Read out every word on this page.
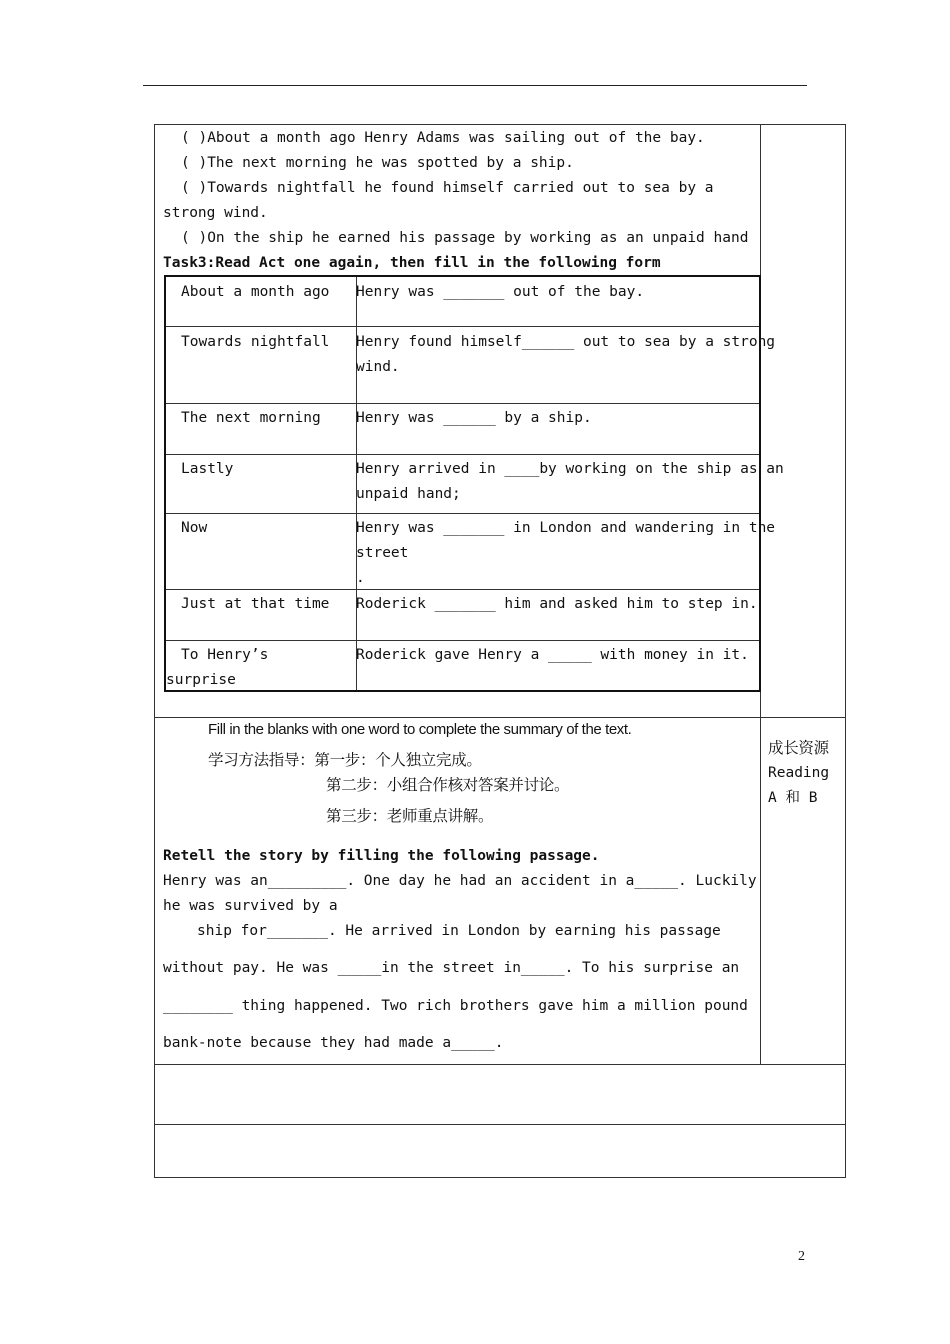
( )About a month ago Henry Adams was sailing out of the bay.
( )The next morning he was spotted by a ship.
( )Towards nightfall he found himself carried out to sea by a
strong wind.
( )On the ship he earned his passage by working as an unpaid hand
Task3:Read Act one again, then fill in the following form
About a month ago Henry was _______ out of the bay.
Towards nightfall Henry found himself______ out to sea by a strong
wind.
The next morning Henry was ______ by a ship.
Lastly	Henry arrived in ____by working on the ship as an
unpaid hand;
Now	Henry was _______ in London and wandering in the
street
.
Just at that time Roderick _______ him and asked him to step in.
To Henry’s
surprise
Roderick gave Henry a _____ with money in it.
Fill in the blanks with one word to complete the summary of the text.
学习方法指导：第一步：个人独立完成。
第二步：小组合作核对答案并讨论。
第三步：老师重点讲解。
成长资源
Reading
A 和 B
Retell the story by filling the following passage.
Henry was an_________. One day he had an accident in a_____. Luckily
he was survived by a
ship for_______. He arrived in London by earning his passage
without pay. He was _____in the street in_____. To his surprise an
________ thing happened. Two rich brothers gave him a million pound
bank-note because they had made a_____.
2
